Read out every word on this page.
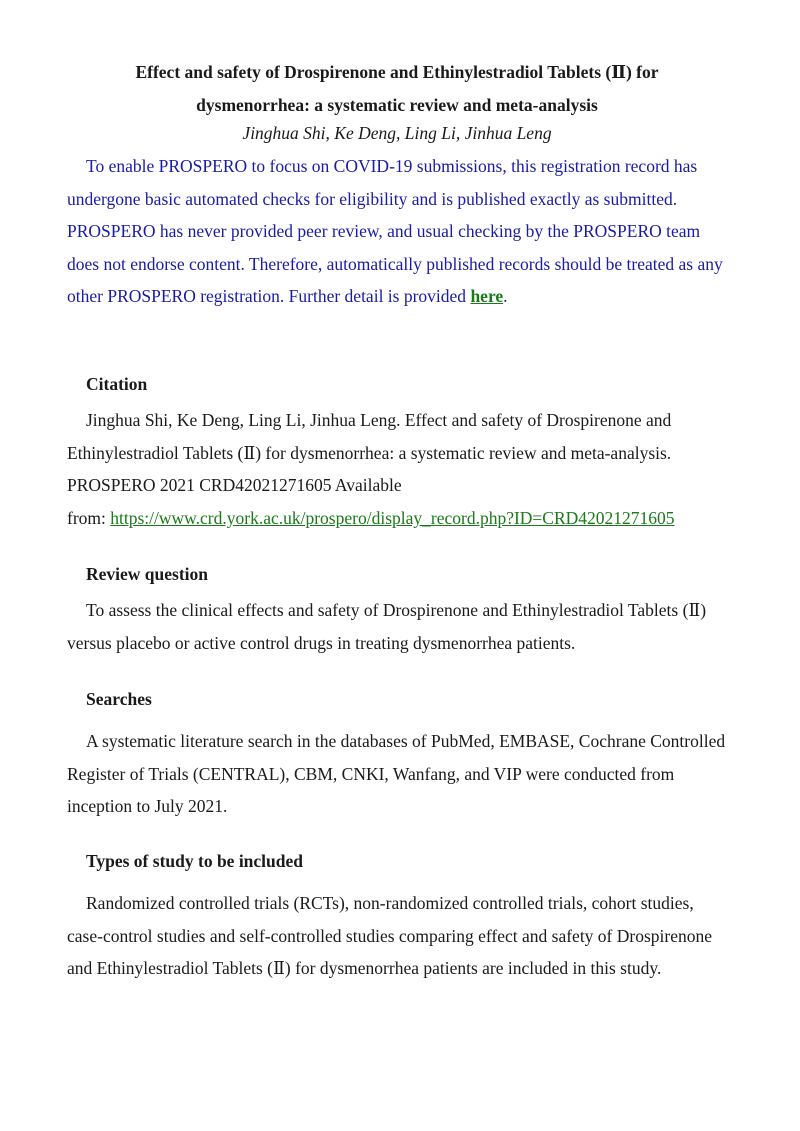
Effect and safety of Drospirenone and Ethinylestradiol Tablets (Ⅱ) for
dysmenorrhea: a systematic review and meta-analysis
Jinghua Shi, Ke Deng, Ling Li, Jinhua Leng
To enable PROSPERO to focus on COVID-19 submissions, this registration record has undergone basic automated checks for eligibility and is published exactly as submitted. PROSPERO has never provided peer review, and usual checking by the PROSPERO team does not endorse content. Therefore, automatically published records should be treated as any other PROSPERO registration. Further detail is provided here.
Citation

Jinghua Shi, Ke Deng, Ling Li, Jinhua Leng. Effect and safety of Drospirenone and Ethinylestradiol Tablets (Ⅱ) for dysmenorrhea: a systematic review and meta-analysis. PROSPERO 2021 CRD42021271605 Available
from: https://www.crd.york.ac.uk/prospero/display_record.php?ID=CRD42021271605

Review question

To assess the clinical effects and safety of Drospirenone and Ethinylestradiol Tablets (Ⅱ) versus placebo or active control drugs in treating dysmenorrhea patients.

Searches

A systematic literature search in the databases of PubMed, EMBASE, Cochrane Controlled Register of Trials (CENTRAL), CBM, CNKI, Wanfang, and VIP were conducted from inception to July 2021.

Types of study to be included

Randomized controlled trials (RCTs), non-randomized controlled trials, cohort studies, case-control studies and self-controlled studies comparing effect and safety of Drospirenone and Ethinylestradiol Tablets (Ⅱ) for dysmenorrhea patients are included in this study.
